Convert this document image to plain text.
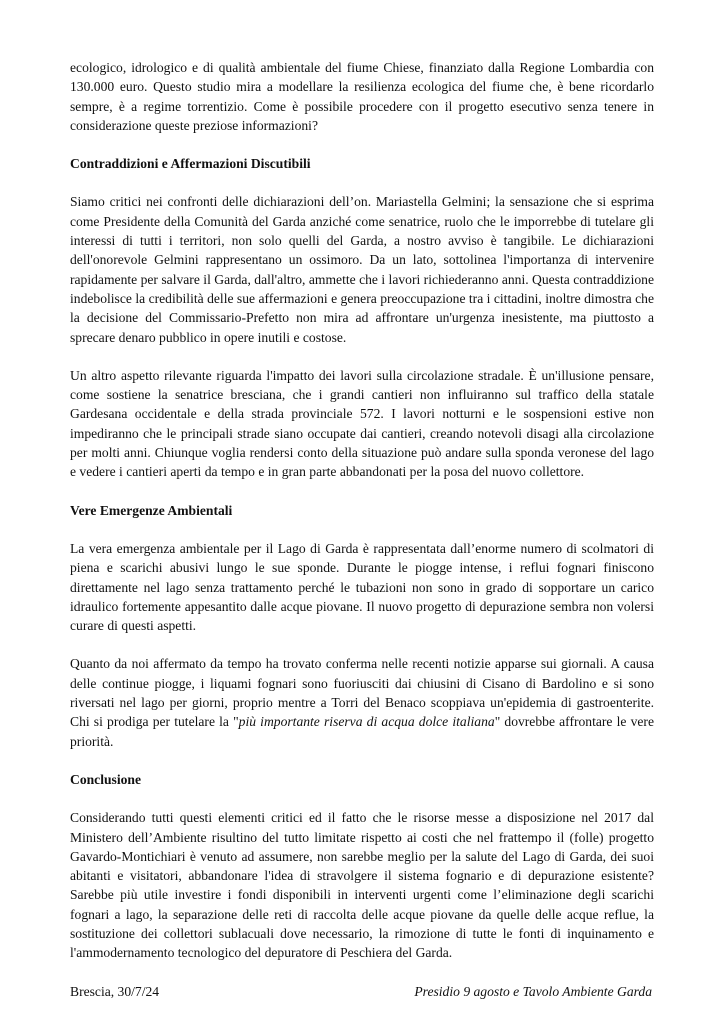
ecologico, idrologico e di qualità ambientale del fiume Chiese, finanziato dalla Regione Lombardia con 130.000 euro. Questo studio mira a modellare la resilienza ecologica del fiume che, è bene ricordarlo sempre, è a regime torrentizio. Come è possibile procedere con il progetto esecutivo senza tenere in considerazione queste preziose informazioni?

Contraddizioni e Affermazioni Discutibili

Siamo critici nei confronti delle dichiarazioni dell’on. Mariastella Gelmini; la sensazione che si esprima come Presidente della Comunità del Garda anziché come senatrice, ruolo che le imporrebbe di tutelare gli interessi di tutti i territori, non solo quelli del Garda, a nostro avviso è tangibile. Le dichiarazioni dell'onorevole Gelmini rappresentano un ossimoro. Da un lato, sottolinea l'importanza di intervenire rapidamente per salvare il Garda, dall'altro, ammette che i lavori richiederanno anni. Questa contraddizione indebolisce la credibilità delle sue affermazioni e genera preoccupazione tra i cittadini, inoltre dimostra che la decisione del Commissario-Prefetto non mira ad affrontare un'urgenza inesistente, ma piuttosto a sprecare denaro pubblico in opere inutili e costose.

Un altro aspetto rilevante riguarda l'impatto dei lavori sulla circolazione stradale. È un'illusione pensare, come sostiene la senatrice bresciana, che i grandi cantieri non influiranno sul traffico della statale Gardesana occidentale e della strada provinciale 572. I lavori notturni e le sospensioni estive non impediranno che le principali strade siano occupate dai cantieri, creando notevoli disagi alla circolazione per molti anni. Chiunque voglia rendersi conto della situazione può andare sulla sponda veronese del lago e vedere i cantieri aperti da tempo e in gran parte abbandonati per la posa del nuovo collettore.

Vere Emergenze Ambientali

La vera emergenza ambientale per il Lago di Garda è rappresentata dall’enorme numero di scolmatori di piena e scarichi abusivi lungo le sue sponde. Durante le piogge intense, i reflui fognari finiscono direttamente nel lago senza trattamento perché le tubazioni non sono in grado di sopportare un carico idraulico fortemente appesantito dalle acque piovane. Il nuovo progetto di depurazione sembra non volersi curare di questi aspetti.

Quanto da noi affermato da tempo ha trovato conferma nelle recenti notizie apparse sui giornali. A causa delle continue piogge, i liquami fognari sono fuoriusciti dai chiusini di Cisano di Bardolino e si sono riversati nel lago per giorni, proprio mentre a Torri del Benaco scoppiava un'epidemia di gastroenterite. Chi si prodiga per tutelare la "più importante riserva di acqua dolce italiana" dovrebbe affrontare le vere priorità.

Conclusione

Considerando tutti questi elementi critici ed il fatto che le risorse messe a disposizione nel 2017 dal Ministero dell’Ambiente risultino del tutto limitate rispetto ai costi che nel frattempo il (folle) progetto Gavardo-Montichiari è venuto ad assumere, non sarebbe meglio per la salute del Lago di Garda, dei suoi abitanti e visitatori, abbandonare l'idea di stravolgere il sistema fognario e di depurazione esistente? Sarebbe più utile investire i fondi disponibili in interventi urgenti come l’eliminazione degli scarichi fognari a lago, la separazione delle reti di raccolta delle acque piovane da quelle delle acque reflue, la sostituzione dei collettori sublacuali dove necessario, la rimozione di tutte le fonti di inquinamento e l'ammodernamento tecnologico del depuratore di Peschiera del Garda.

Brescia, 30/7/24	Presidio 9 agosto e Tavolo Ambiente Garda
